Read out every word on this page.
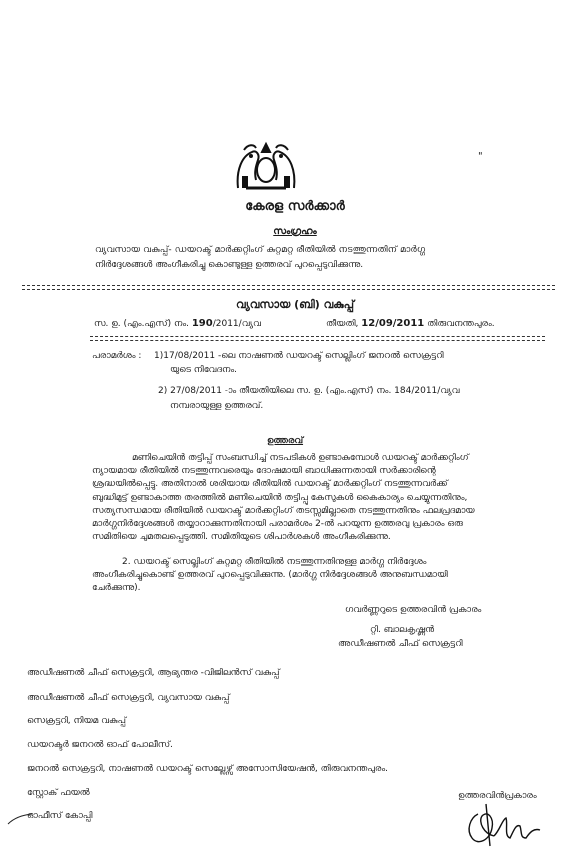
"
കേരള സർക്കാർ
സംഗ്രഹം
വ്യവസായ വകുപ്പ്- ഡയറക്ട് മാർക്കറ്റിംഗ് കുറ്റമറ്റ രീതിയിൽ നടത്തുന്നതിന് മാർഗ്ഗ
നിർദ്ദേശങ്ങൾ അംഗീകരിച്ചു കൊണ്ടുള്ള ഉത്തരവ് പുറപ്പെടുവിക്കുന്നു.
വ്യവസായ (ബി) വകുപ്പ്
സ. ഉ. (എം.എസ്) നം. 190/2011/വ്യവ	തീയതി, 12/09/2011 തിരുവനന്തപുരം.
പരാമർശം : 1)17/08/2011 -ലെ നാഷണൽ ഡയറക്ട് സെല്ലിംഗ് ജനറൽ സെക്രട്ടറി
യുടെ നിവേദനം.
2) 27/08/2011 -ാം തീയതിയിലെ സ. ഉ. (എം.എസ്) നം. 184/2011/വ്യവ
നമ്പരായുള്ള ഉത്തരവ്.
ഉത്തരവ്
മണിചെയിൻ തട്ടിപ്പ് സംബന്ധിച്ച് നടപടികൾ ഉണ്ടാകുമ്പോൾ ഡയറക്ട് മാർക്കറ്റിംഗ്
ന്യായമായ രീതിയിൽ നടത്തുന്നവരെയും ദോഷമായി ബാധിക്കുന്നതായി സർക്കാരിന്റെ
ശ്രദ്ധയിൽപ്പെട്ടു. അതിനാൽ ശരിയായ രീതിയിൽ ഡയറക്ട് മാർക്കറ്റിംഗ് നടത്തുന്നവർക്ക്
ബുദ്ധിമുട്ട് ഉണ്ടാകാത്ത തരത്തിൽ മണിചെയിൻ തട്ടിപ്പു കേസുകൾ കൈകാര്യം ചെയ്യുന്നതിനും,
സത്യസന്ധമായ രീതിയിൽ ഡയറക്ട് മാർക്കറ്റിംഗ് തടസ്സമില്ലാതെ നടത്തുന്നതിനും ഫലപ്രദമായ
മാർഗ്ഗനിർദ്ദേശങ്ങൾ തയ്യാറാക്കുന്നതിനായി പരാമർശം 2-ൽ പറയുന്ന ഉത്തരവു പ്രകാരം ഒരു
സമിതിയെ ചുമതലപ്പെടുത്തി. സമിതിയുടെ ശിപാർശകൾ അംഗീകരിക്കുന്നു.
2. ഡയറക്ട് സെല്ലിംഗ് കുറ്റമറ്റ രീതിയിൽ നടത്തുന്നതിനുള്ള മാർഗ്ഗ നിർദ്ദേശം
അംഗീകരിച്ചുകൊണ്ട് ഉത്തരവ് പുറപ്പെടുവിക്കുന്നു. (മാർഗ്ഗ നിർദ്ദേശങ്ങൾ അനുബന്ധമായി
ചേർക്കുന്നു).
ഗവർണ്ണറുടെ ഉത്തരവിൻ പ്രകാരം
റ്റി. ബാലകൃഷ്ണൻ
അഡീഷണൽ ചീഫ് സെക്രട്ടറി
അഡീഷണൽ ചീഫ് സെക്രട്ടറി, ആഭ്യന്തര -വിജിലൻസ് വകുപ്പ്
അഡീഷണൽ ചീഫ് സെക്രട്ടറി, വ്യവസായ വകുപ്പ്
സെക്രട്ടറി, നിയമ വകുപ്പ്
ഡയറക്ടർ ജനറൽ ഓഫ് പോലീസ്.
ജനറൽ സെക്രട്ടറി, നാഷണൽ ഡയറക്ട് സെല്ലേഴ്സ് അസോസിയേഷൻ, തിരുവനന്തപുരം.
സ്റ്റോക് ഫയൽ
ഓഫീസ് കോപ്പി
ഉത്തരവിൻപ്രകാരം
